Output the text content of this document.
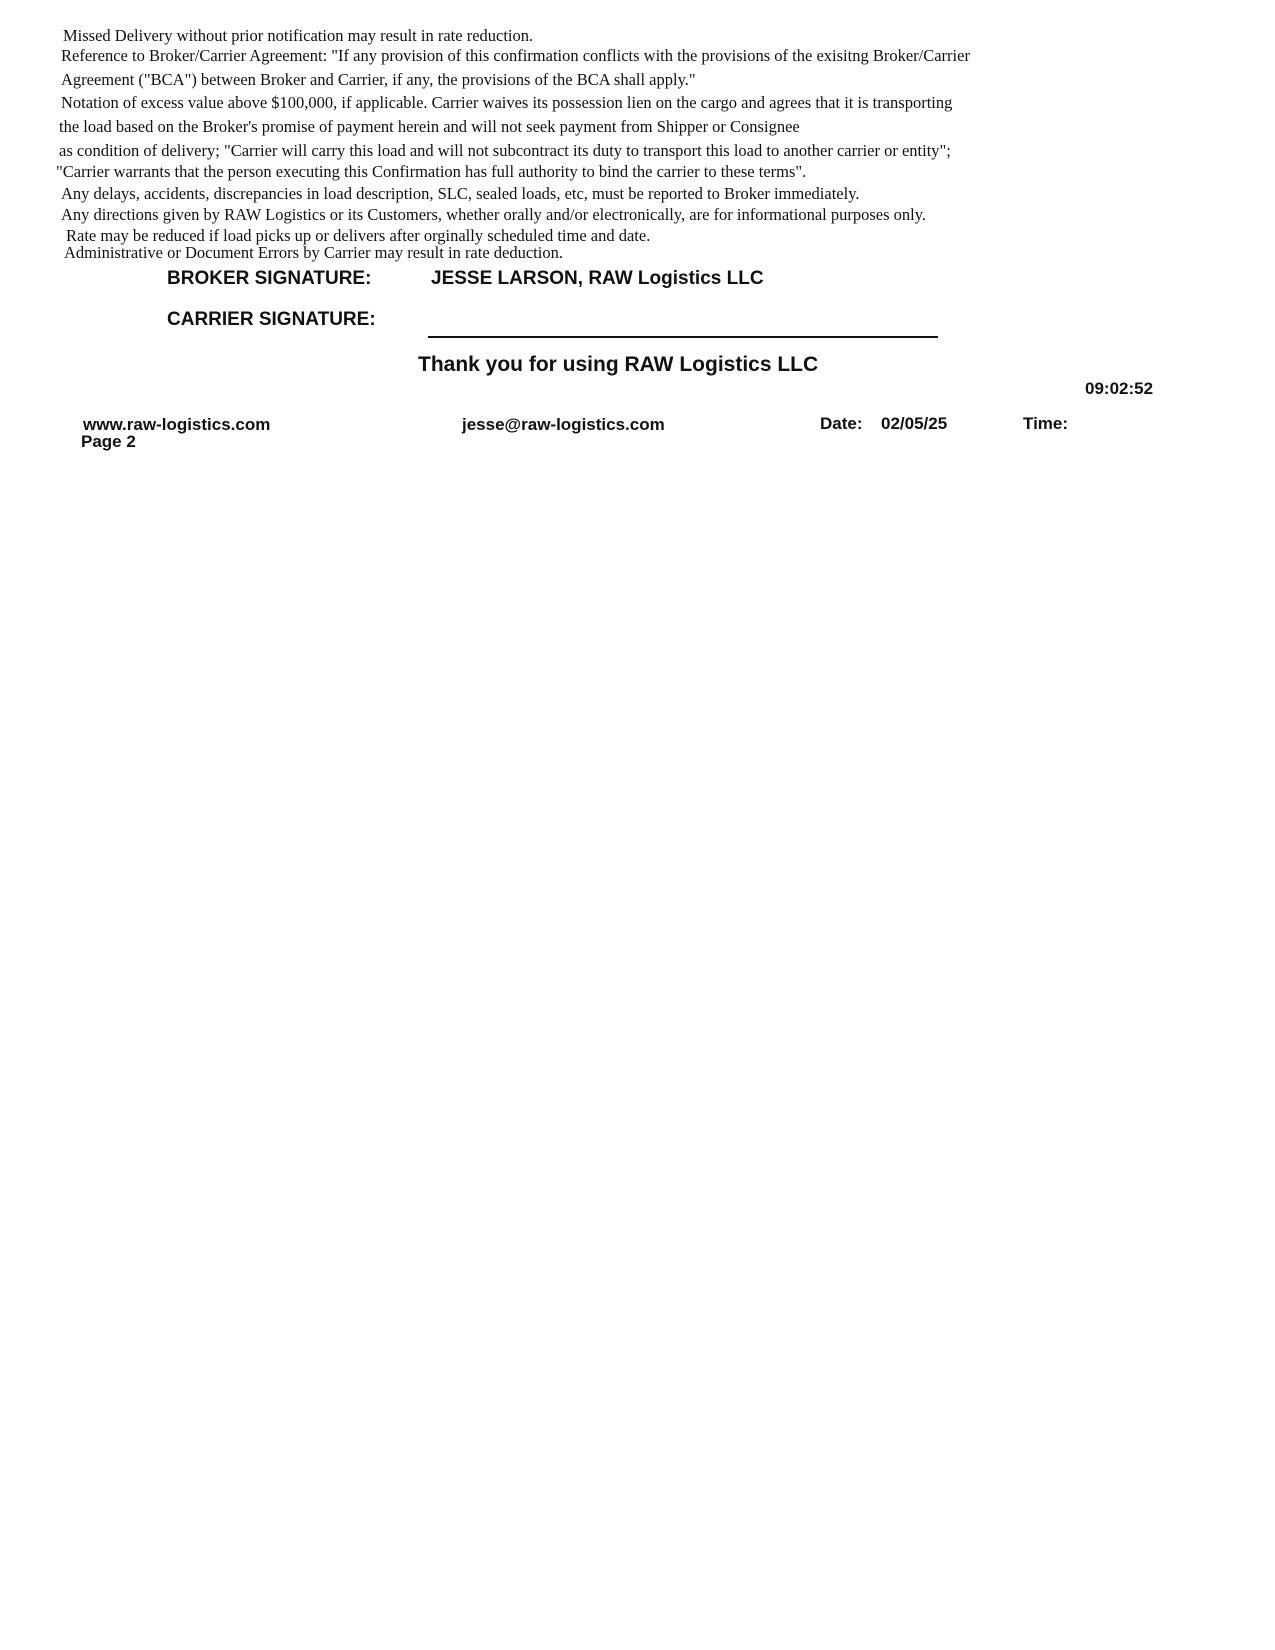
Missed Delivery without prior notification may result in rate reduction.
Reference to Broker/Carrier Agreement: "If any provision of this confirmation conflicts with the provisions of the exisitng Broker/Carrier
Agreement ("BCA") between Broker and Carrier, if any, the provisions of the BCA shall apply."
Notation of excess value above $100,000, if applicable. Carrier waives its possession lien on the cargo and agrees that it is transporting
the load based on the Broker's promise of payment herein and will not seek payment from Shipper or Consignee
as condition of delivery; "Carrier will carry this load and will not subcontract its duty to transport this load to another carrier or entity";
"Carrier warrants that the person executing this Confirmation has full authority to bind the carrier to these terms".
Any delays, accidents, discrepancies in load description, SLC, sealed loads, etc, must be reported to Broker immediately.
Any directions given by RAW Logistics or its Customers, whether orally and/or electronically, are for informational purposes only.
Rate may be reduced if load picks up or delivers after orginally scheduled time and date.
Administrative or Document Errors by Carrier may result in rate deduction.
BROKER SIGNATURE:	JESSE LARSON, RAW Logistics LLC
CARRIER SIGNATURE:
Thank you for using RAW Logistics LLC
09:02:52
www.raw-logistics.com	jesse@raw-logistics.com	Date: 02/05/25	Time:
Page 2
